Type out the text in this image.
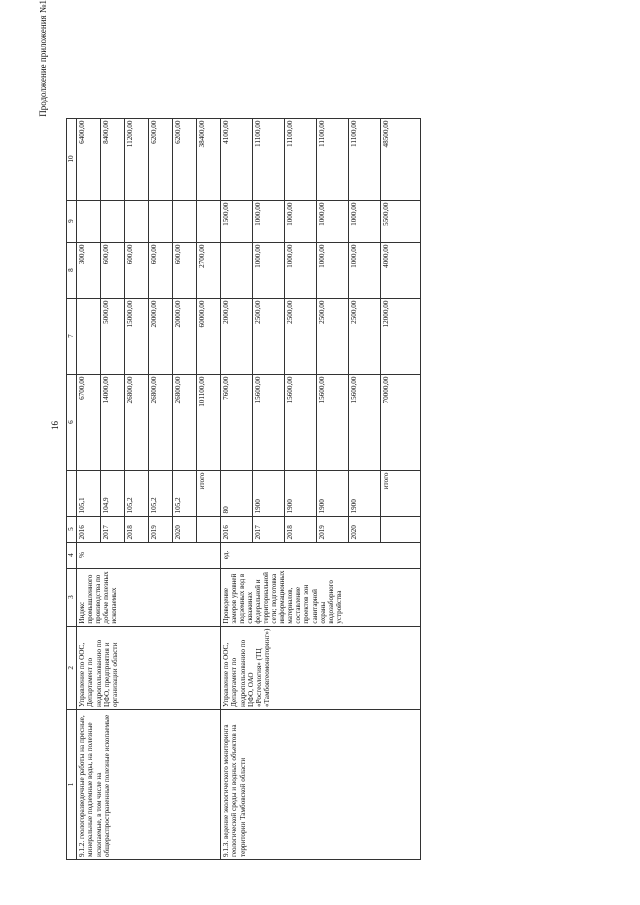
16
Продолжение приложения №1
1	2	3	4	5		6	7	8	9	10
9.1.2. геологоразведочные работы на пресные, минеральные подземные воды, на полезные ископаемые, в том числе на общераспространенные полезные ископаемые	Управление по ООС, Департамент по недропользованию по ЦФО, предприятия и организации области	Индекс промышленного производства по добыче полезных ископаемых	%	2016	105,1	6700,00		300,00		6400,00
				2017	104,9	14000,00	5000,00	600,00		8400,00
				2018	105,2	26800,00	15000,00	600,00		11200,00
				2019	105,2	26800,00	20000,00	600,00		6200,00
				2020	105,2	26800,00	20000,00	600,00		6200,00
					итого	101100,00	60000,00	2700,00		38400,00
9.1.3. ведение экологического мониторинга геологической среды и водных объектов на территории Тамбовской области	Управление по ООС, Департамент по недропользованию по ЦФО, ОАО «Росгеология» (ТЦ «Тамбовгеомониторинг»)	Проведение замеров уровней подземных вод в скважинах федеральной и территориальной сети; подготовка информационных материалов, составление проектов зон санитарной охраны водозаборного устройства	ед.	2016	80	7600,00	2000,00		1500,00	4100,00
				2017	1900	15600,00	2500,00	1000,00	1000,00	11100,00
				2018	1900	15600,00	2500,00	1000,00	1000,00	11100,00
				2019	1900	15600,00	2500,00	1000,00	1000,00	11100,00
				2020	1900	15600,00	2500,00	1000,00	1000,00	11100,00
					итого	70000,00	12000,00	4000,00	5500,00	48500,00
